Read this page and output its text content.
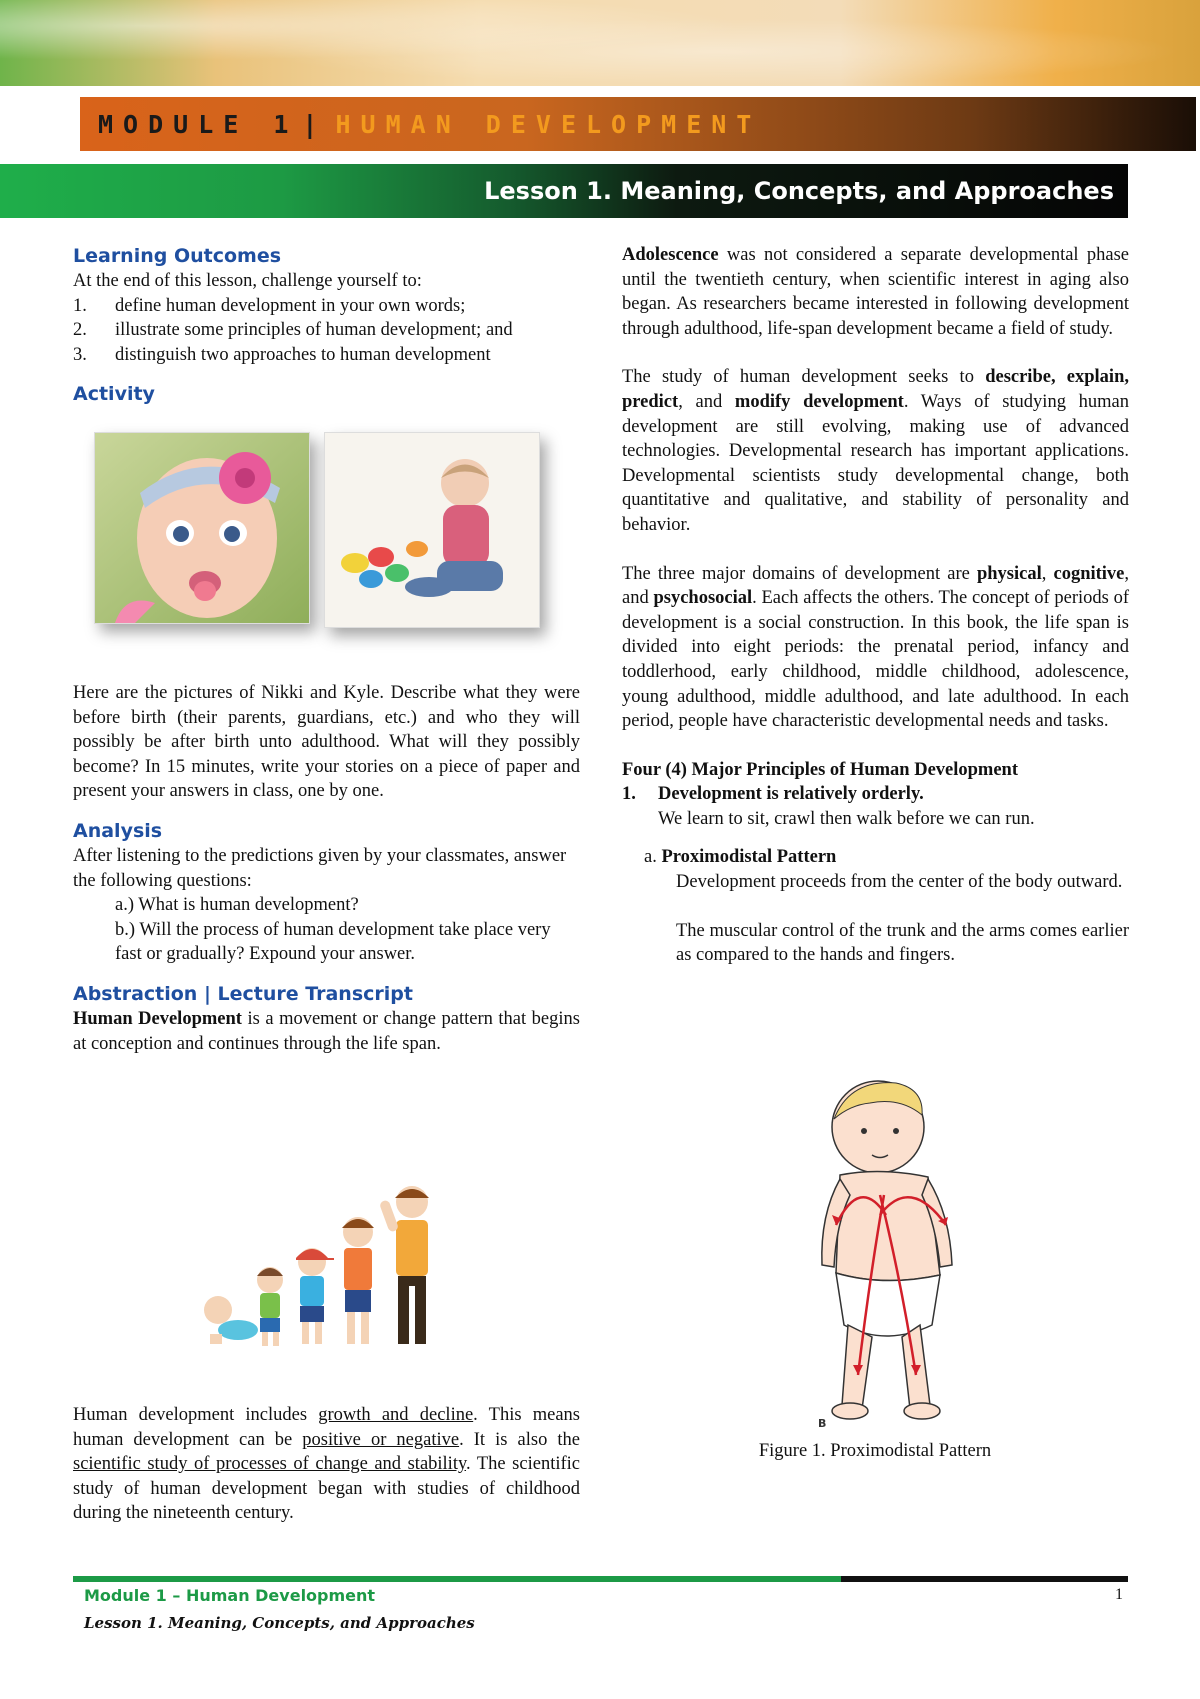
MODULE 1 | HUMAN DEVELOPMENT
Lesson 1. Meaning, Concepts, and Approaches
Learning Outcomes

At the end of this lesson, challenge yourself to:

1.	define human development in your own words;
2.	illustrate some principles of human development; and
3.	distinguish two approaches to human development
Activity

Here are the pictures of Nikki and Kyle. Describe what they were before birth (their parents, guardians, etc.) and who they will possibly be after birth unto adulthood. What will they possibly become? In 15 minutes, write your stories on a piece of paper and present your answers in class, one by one.

Analysis

After listening to the predictions given by your classmates, answer the following questions:

a.) What is human development?

b.) Will the process of human development take place very fast or gradually? Expound your answer.

Abstraction | Lecture Transcript

Human Development is a movement or change pattern that begins at conception and continues through the life span.

Human development includes growth and decline. This means human development can be positive or negative. It is also the scientific study of processes of change and stability. The scientific study of human development began with studies of childhood during the nineteenth century.

Adolescence was not considered a separate developmental phase until the twentieth century, when scientific interest in aging also began. As researchers became interested in following development through adulthood, life-span development became a field of study.

The study of human development seeks to describe, explain, predict, and modify development. Ways of studying human development are still evolving, making use of advanced technologies. Developmental research has important applications. Developmental scientists study developmental change, both quantitative and qualitative, and stability of personality and behavior.

The three major domains of development are physical, cognitive, and psychosocial. Each affects the others. The concept of periods of development is a social construction. In this book, the life span is divided into eight periods: the prenatal period, infancy and toddlerhood, early childhood, middle childhood, adolescence, young adulthood, middle adulthood, and late adulthood. In each period, people have characteristic developmental needs and tasks.

Four (4) Major Principles of Human Development

1.	Development is relatively orderly.

We learn to sit, crawl then walk before we can run.

a. Proximodistal Pattern

Development proceeds from the center of the body outward.

The muscular control of the trunk and the arms comes earlier as compared to the hands and fingers.

B
Figure 1. Proximodistal Pattern
Module 1 – Human Development
Lesson 1. Meaning, Concepts, and Approaches
1
